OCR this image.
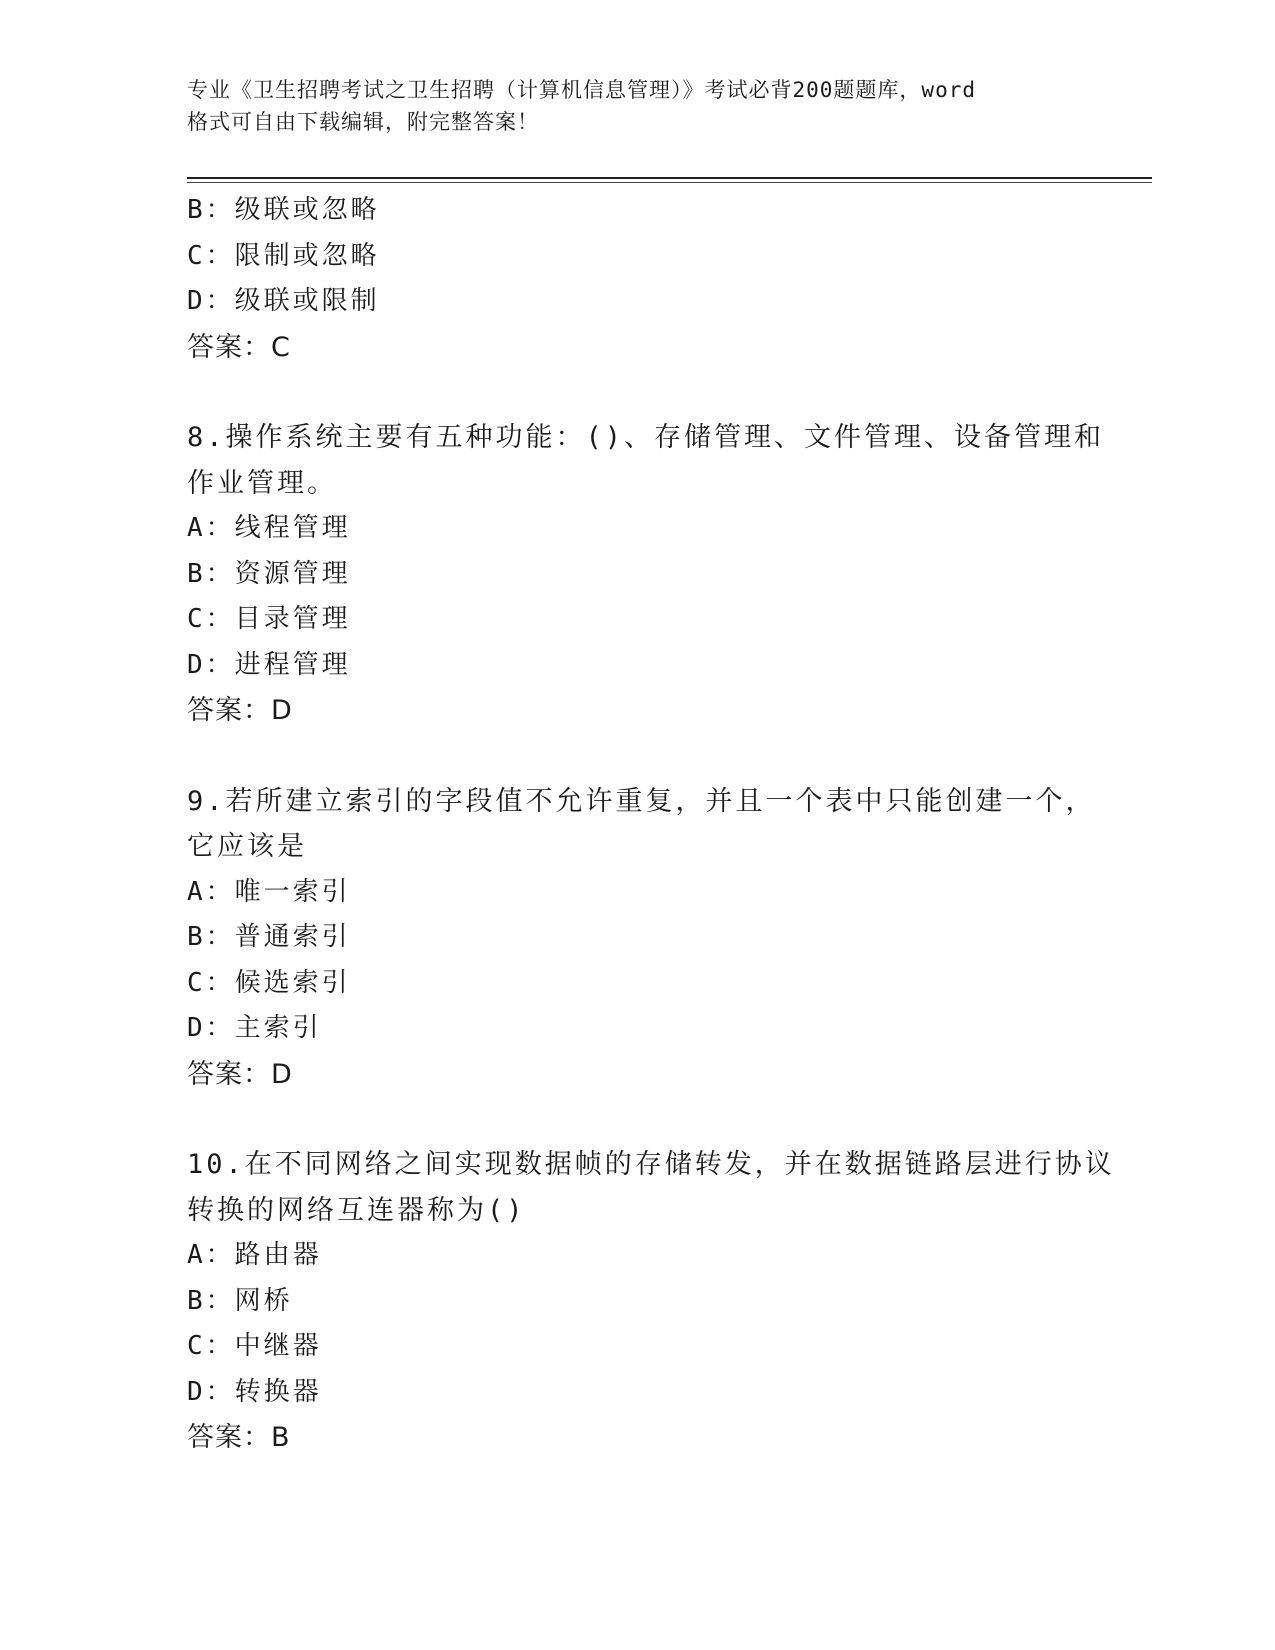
专业《卫生招聘考试之卫生招聘（计算机信息管理）》考试必背200题题库，word
格式可自由下载编辑，附完整答案！
B：级联或忽略
C：限制或忽略
D：级联或限制
答案：C
8.操作系统主要有五种功能：()、存储管理、文件管理、设备管理和
作业管理。
A：线程管理
B：资源管理
C：目录管理
D：进程管理
答案：D
9.若所建立索引的字段值不允许重复，并且一个表中只能创建一个，
它应该是
A：唯一索引
B：普通索引
C：候选索引
D：主索引
答案：D
10.在不同网络之间实现数据帧的存储转发，并在数据链路层进行协议
转换的网络互连器称为()
A：路由器
B：网桥
C：中继器
D：转换器
答案：B
